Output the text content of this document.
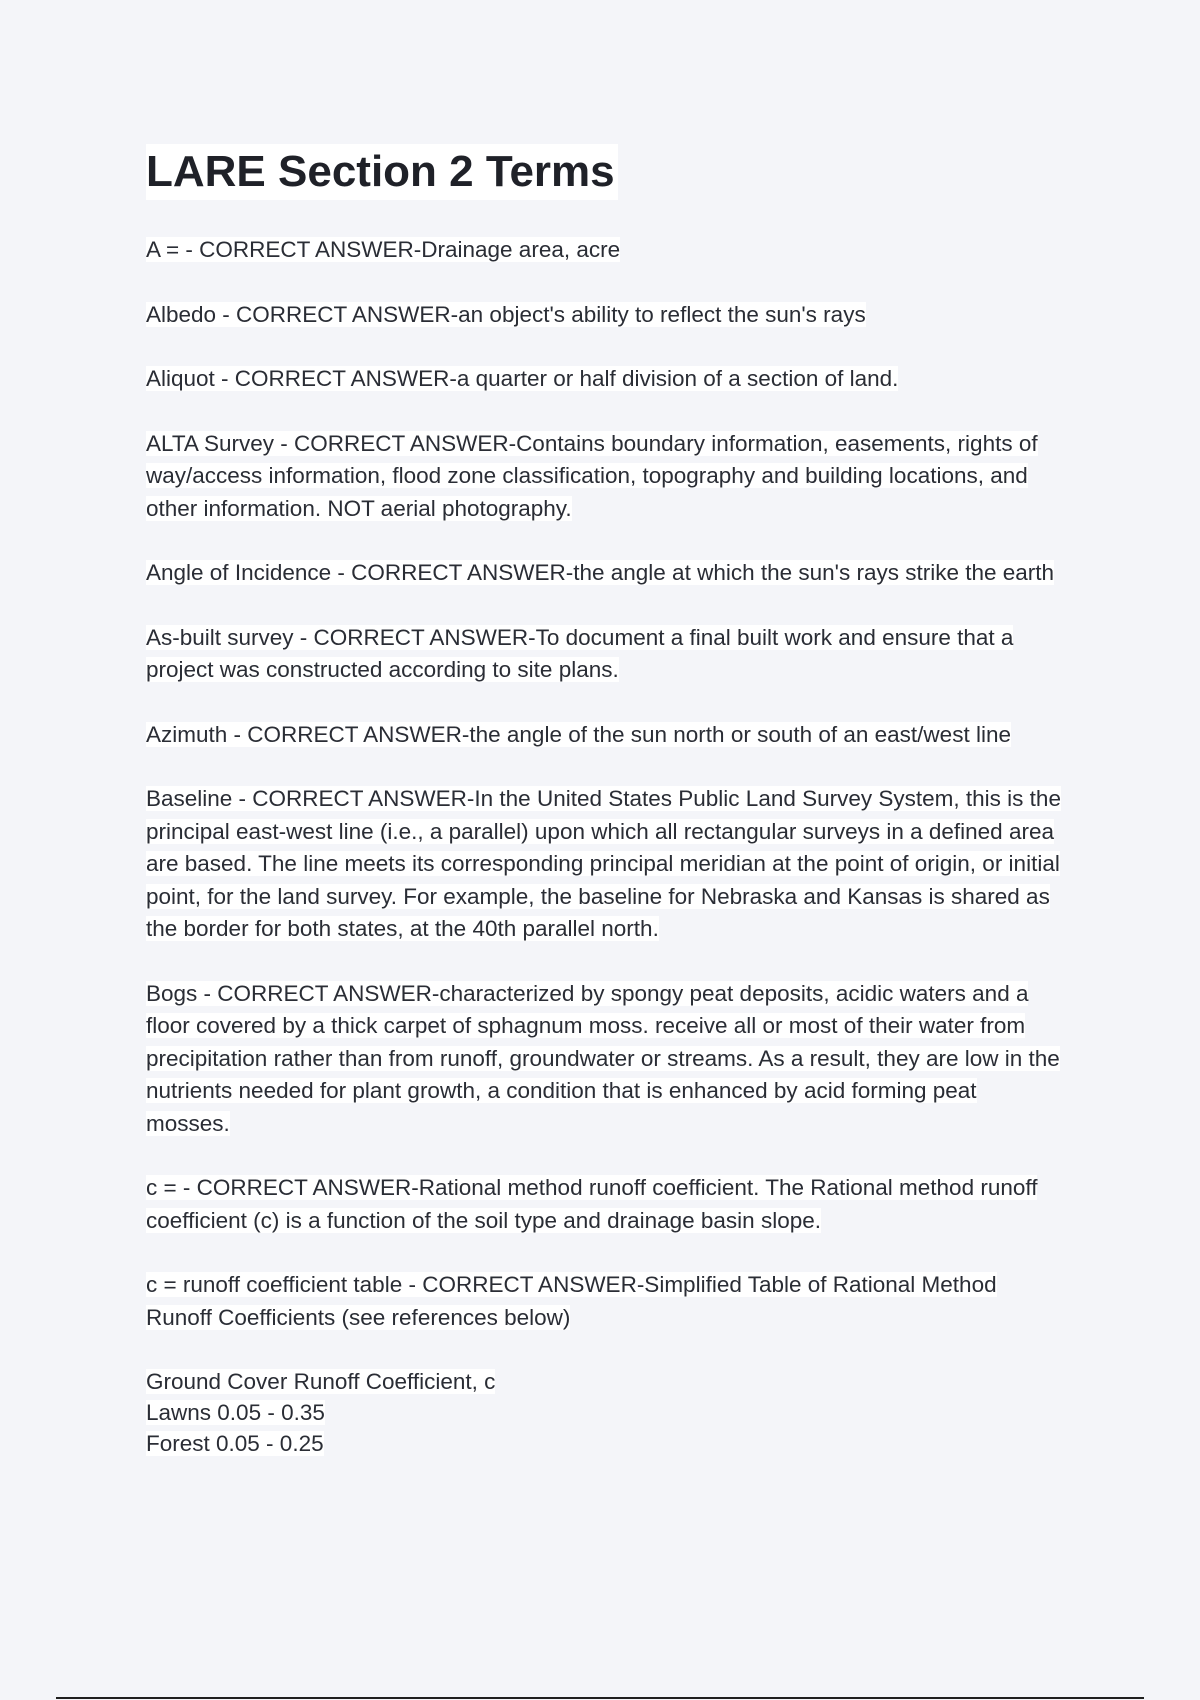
LARE Section 2 Terms

A = - CORRECT ANSWER-Drainage area, acre

Albedo - CORRECT ANSWER-an object's ability to reflect the sun's rays

Aliquot - CORRECT ANSWER-a quarter or half division of a section of land.

ALTA Survey - CORRECT ANSWER-Contains boundary information, easements, rights of way/access information, flood zone classification, topography and building locations, and other information. NOT aerial photography.

Angle of Incidence - CORRECT ANSWER-the angle at which the sun's rays strike the earth

As-built survey - CORRECT ANSWER-To document a final built work and ensure that a project was constructed according to site plans.

Azimuth - CORRECT ANSWER-the angle of the sun north or south of an east/west line

Baseline - CORRECT ANSWER-In the United States Public Land Survey System, this is the principal east-west line (i.e., a parallel) upon which all rectangular surveys in a defined area are based. The line meets its corresponding principal meridian at the point of origin, or initial point, for the land survey. For example, the baseline for Nebraska and Kansas is shared as the border for both states, at the 40th parallel north.

Bogs - CORRECT ANSWER-characterized by spongy peat deposits, acidic waters and a floor covered by a thick carpet of sphagnum moss. receive all or most of their water from precipitation rather than from runoff, groundwater or streams. As a result, they are low in the nutrients needed for plant growth, a condition that is enhanced by acid forming peat mosses.

c = - CORRECT ANSWER-Rational method runoff coefficient. The Rational method runoff coefficient (c) is a function of the soil type and drainage basin slope.

c = runoff coefficient table - CORRECT ANSWER-Simplified Table of Rational Method Runoff Coefficients (see references below)

Ground Cover Runoff Coefficient, c
Lawns 0.05 - 0.35
Forest 0.05 - 0.25
